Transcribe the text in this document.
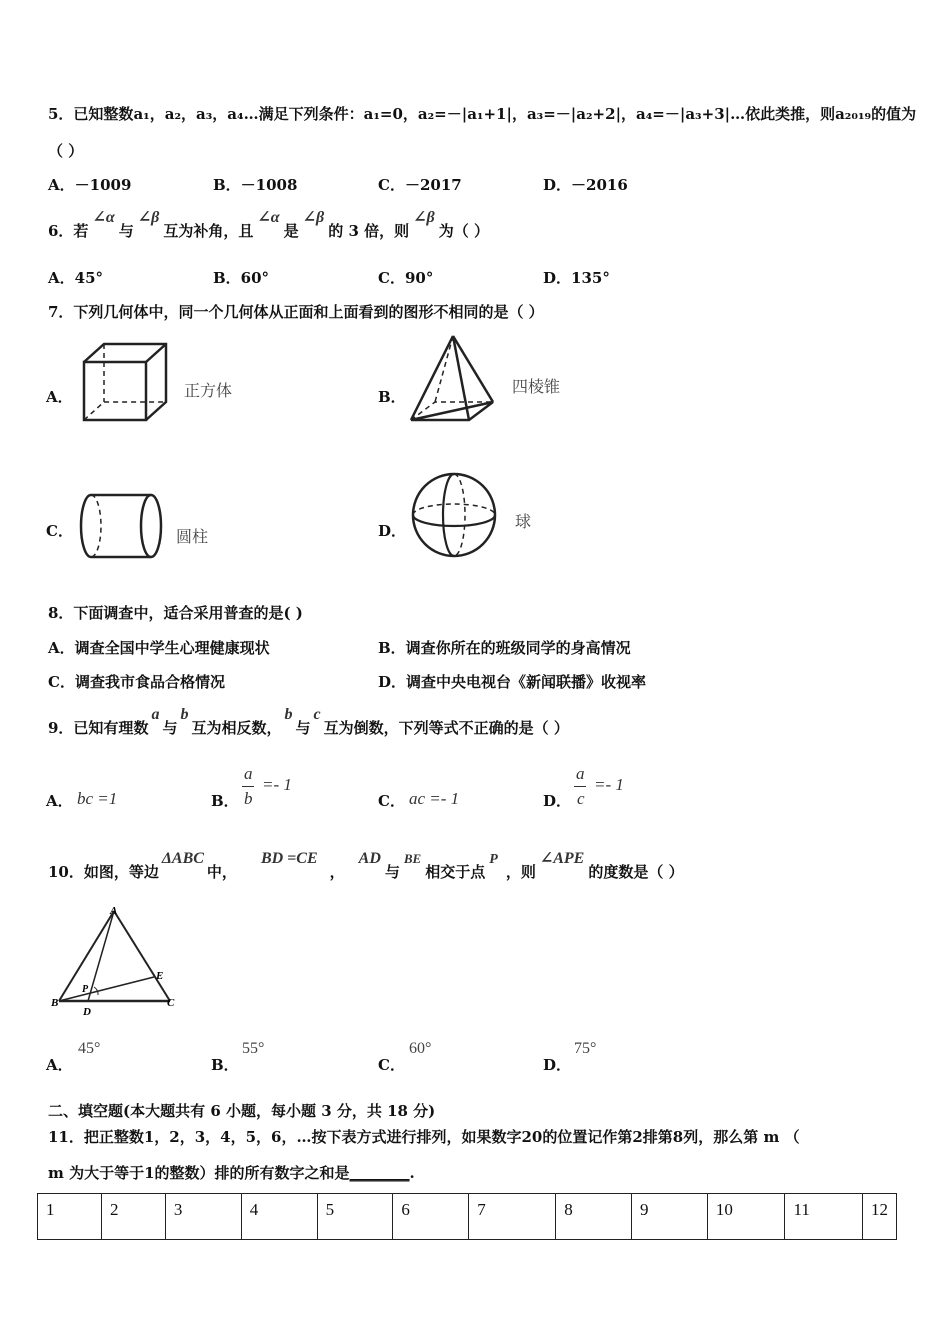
5．已知整数a₁，a₂，a₃，a₄…满足下列条件：a₁=0，a₂=－|a₁+1|，a₃=－|a₂+2|，a₄=－|a₃+3|…依此类推，则a₂₀₁₉的值为
（ ）
A．－1009	B．－1008	C．－2017	D．－2016
6．若∠α与∠β互为补角，且∠α是∠β的 3 倍，则∠β为（ ）
A．45°	B．60°	C．90°	D．135°
7．下列几何体中，同一个几何体从正面和上面看到的图形不相同的是（ ）
A．	正方体	B．
四棱锥
C．	圆柱	D．	球
8．下面调查中，适合采用普查的是( )
A．调查全国中学生心理健康现状	B．调查你所在的班级同学的身高情况
C．调查我市食品合格情况	D．调查中央电视台《新闻联播》收视率
9．已知有理数a与b互为相反数，b与c互为倒数，下列等式不正确的是（ ）
A． bc =1	B．
a
b
=- 1
C． ac =- 1	D．
a
c
=- 1
10．如图，等边ΔABC中，BD =CE，AD与BE相交于点P，则∠APE的度数是（ ）
A
E
P
B
D
C
A．
45°
B．
55°
C．
60°
D．
75°
二、填空题(本大题共有 6 小题，每小题 3 分，共 18 分)
11．把正整数1，2，3，4，5，6，…按下表方式进行排列，如果数字20的位置记作第2排第8列，那么第 m （
m 为大于等于1的整数）排的所有数字之和是________.
1	2	3	4	5	6	7	8	9	10	11	12
